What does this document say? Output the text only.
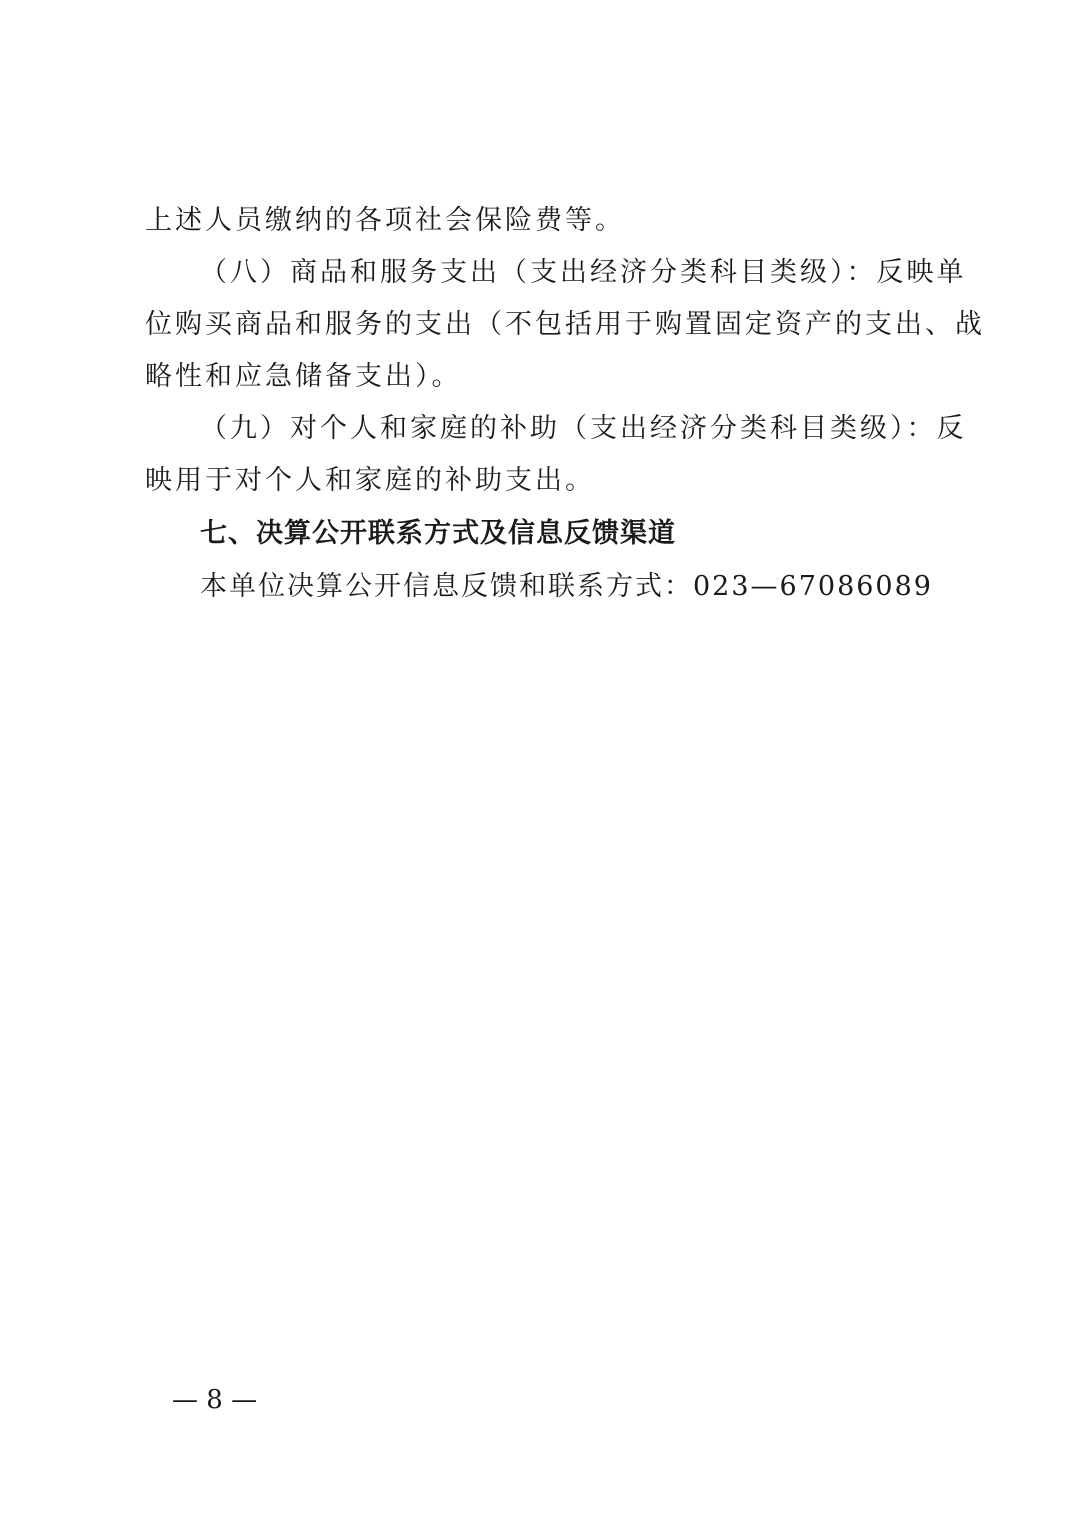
上述人员缴纳的各项社会保险费等。
（八）商品和服务支出（支出经济分类科目类级）：反映单
位购买商品和服务的支出（不包括用于购置固定资产的支出、战
略性和应急储备支出）。
（九）对个人和家庭的补助（支出经济分类科目类级）：反
映用于对个人和家庭的补助支出。
七、决算公开联系方式及信息反馈渠道
本单位决算公开信息反馈和联系方式：023—67086089
— 8 —
